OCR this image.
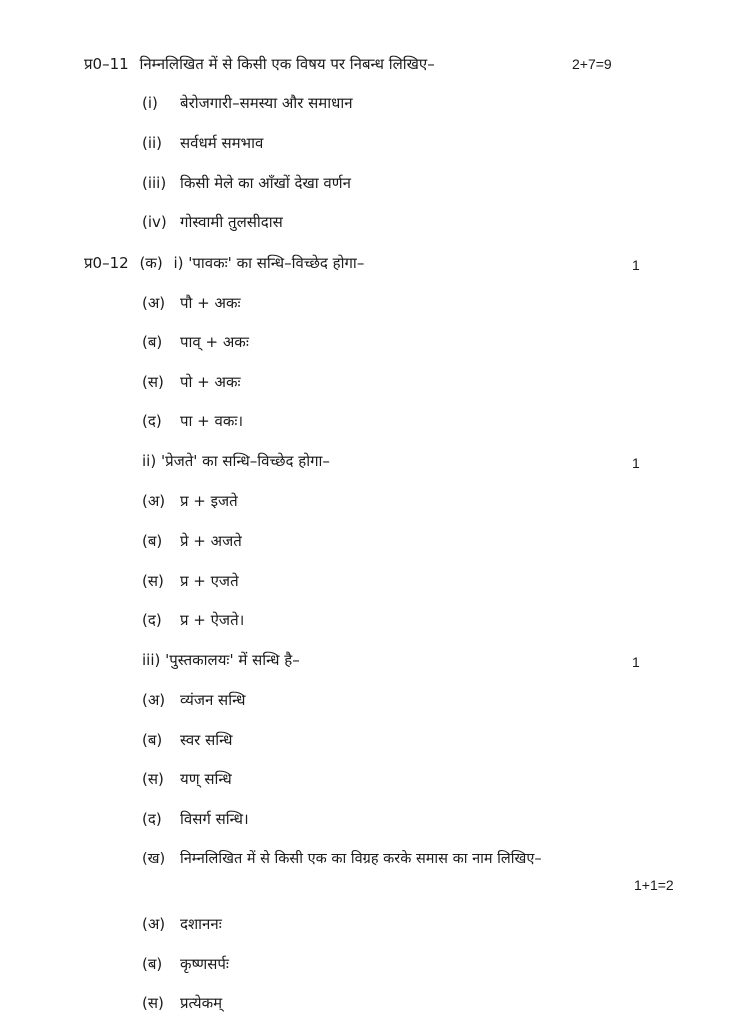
प्र0–11 निम्नलिखित में से किसी एक विषय पर निबन्ध लिखिए–	2+7=9
(i) बेरोजगारी–समस्या और समाधान
(ii) सर्वधर्म समभाव
(iii) किसी मेले का आँखों देखा वर्णन
(iv) गोस्वामी तुलसीदास
प्र0–12 (क) i) 'पावकः' का सन्धि–विच्छेद होगा–	1
(अ) पौ + अकः
(ब) पाव् + अकः
(स) पो + अकः
(द) पा + वकः।
ii) 'प्रेजते' का सन्धि–विच्छेद होगा–	1
(अ) प्र + इजते
(ब) प्रे + अजते
(स) प्र + एजते
(द) प्र + ऐजते।
iii) 'पुस्तकालयः' में सन्धि है–	1
(अ) व्यंजन सन्धि
(ब) स्वर सन्धि
(स) यण् सन्धि
(द) विसर्ग सन्धि।
(ख) निम्नलिखित में से किसी एक का विग्रह करके समास का नाम लिखिए–
1+1=2
(अ) दशाननः
(ब) कृष्णसर्पः
(स) प्रत्येकम्
